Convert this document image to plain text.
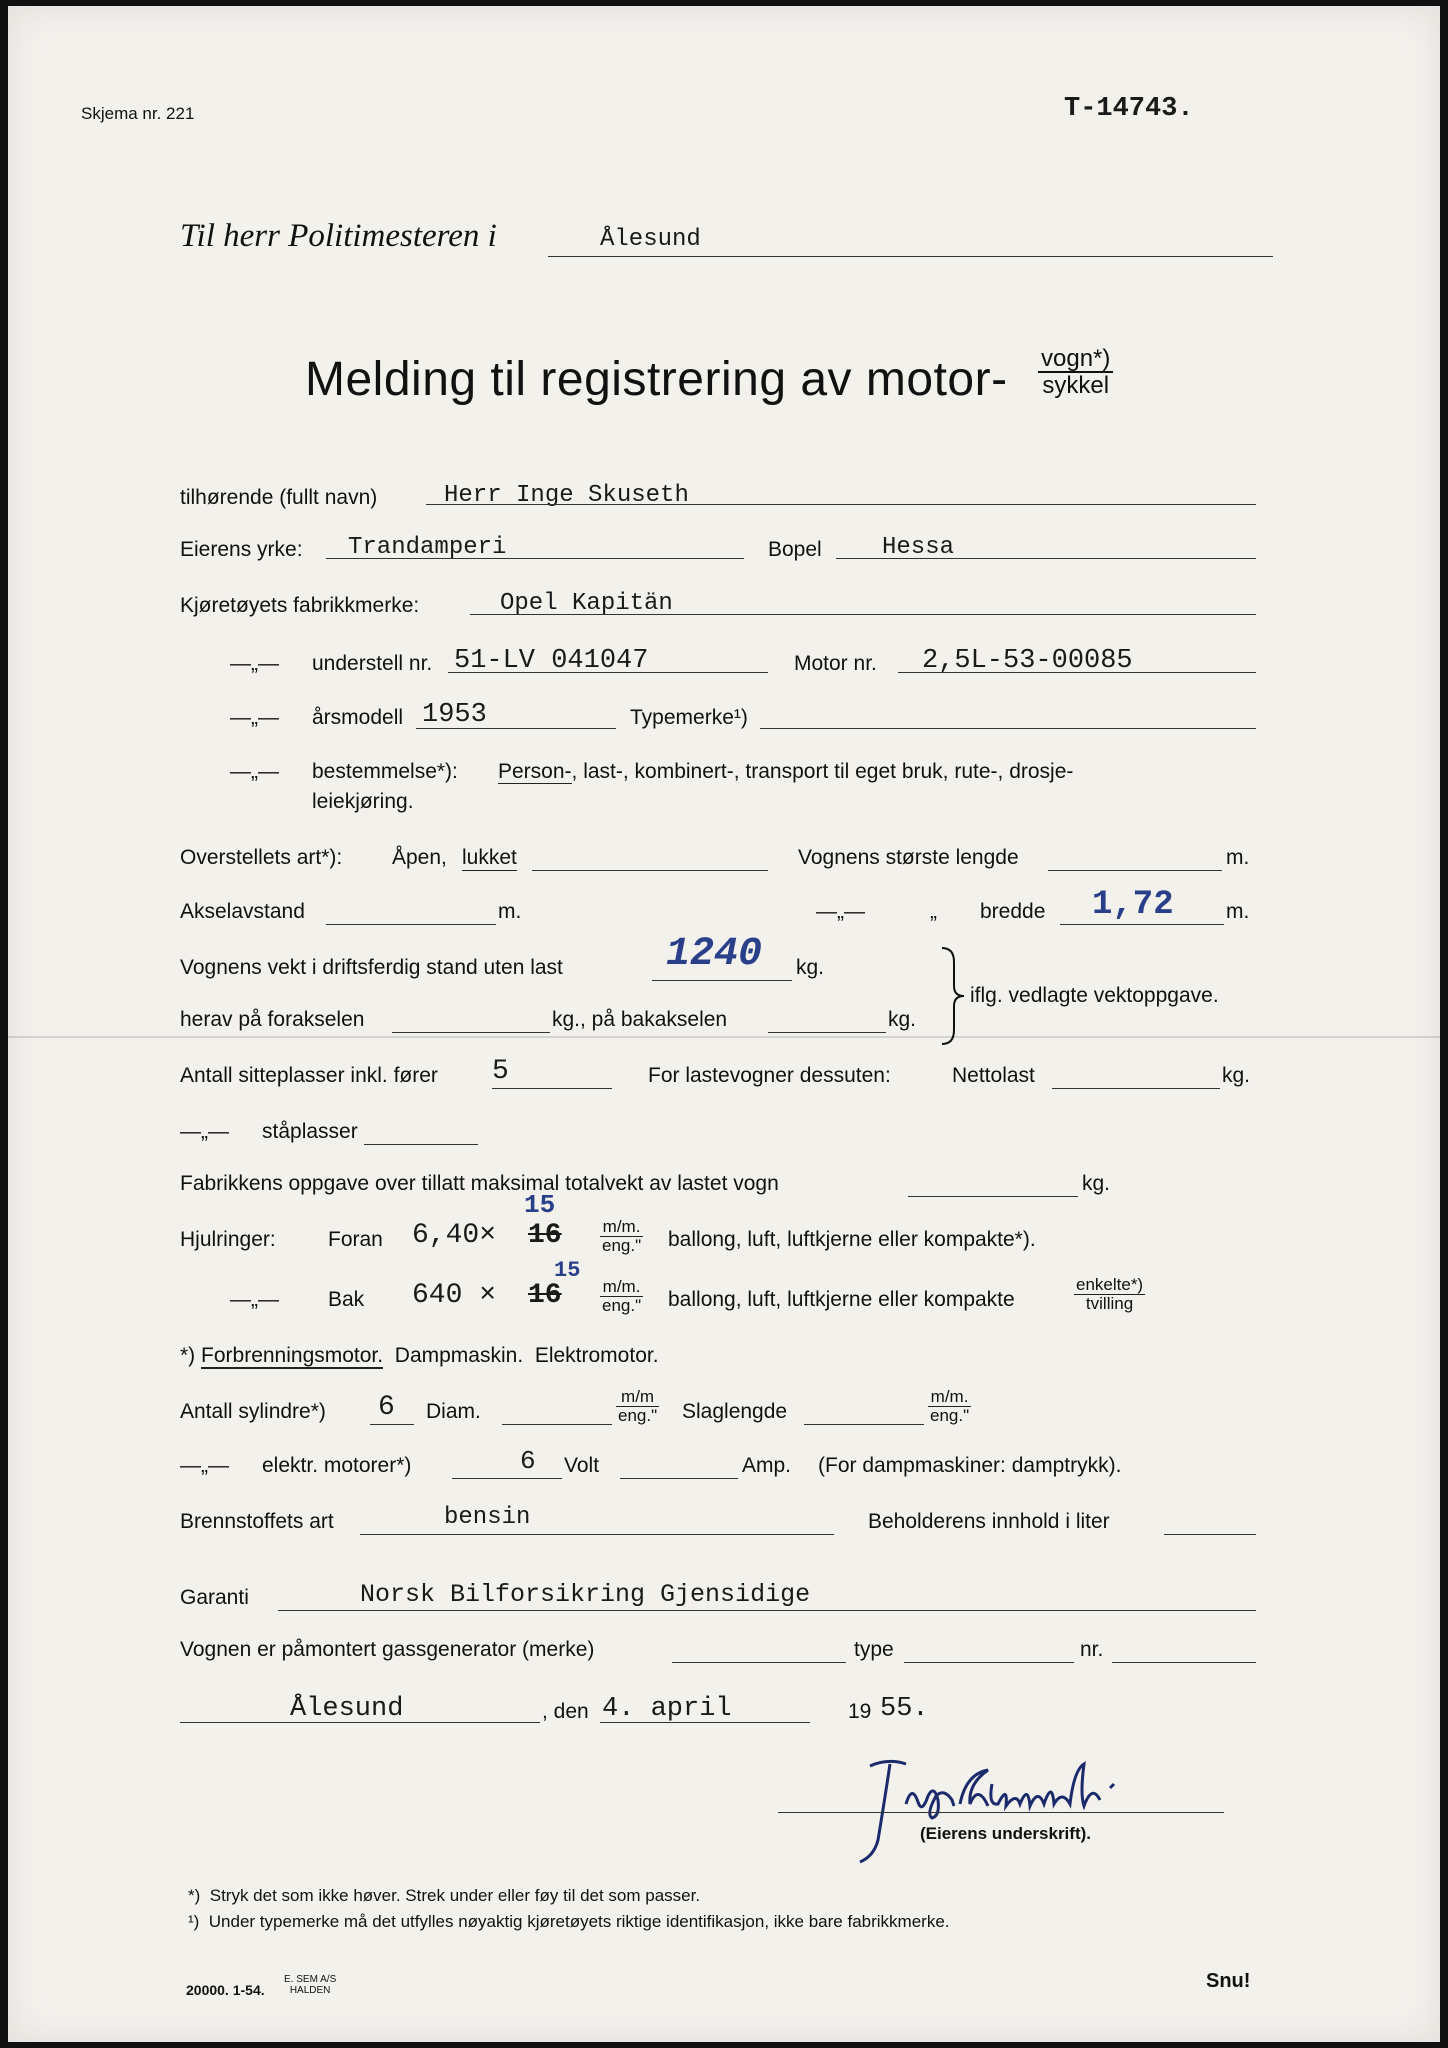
Skjema nr. 221	T-14743.
Til herr Politimesteren i	Ålesund
Melding til registrering av motor- vogn*)
sykkel
tilhørende (fullt navn)	Herr Inge Skuseth
Eierens yrke: Trandamperi	Bopel	Hessa
Kjøretøyets fabrikkmerke:	Opel Kapitän
—„— understell nr. 51-LV 041047	Motor nr. 2,5L-53-00085
—„— årsmodell 1953	Typemerke¹)
—„— bestemmelse*): Person-, last-, kombinert-, transport til eget bruk, rute-, drosje-
leiekjøring.
Overstellets art*): Åpen, lukket	Vognens største lengde	m.
Akselavstand	m.	—„—	„ bredde 1,72 m.
Vognens vekt i driftsferdig stand uten last	1240 kg.
herav på forakselen	kg., på bakakselen	kg.
iflg. vedlagte vektoppgave.
Antall sitteplasser inkl. fører 5	For lastevogner dessuten:	Nettolast	kg.
—„— ståplasser
Fabrikkens oppgave over tillatt maksimal totalvekt av lastet vogn	kg.
Hjulringer: Foran 6,40× 16
15
$\frac{m/m.}{\text{eng."}}$ ballong, luft, luftkjerne eller kompakte*).
—„— Bak 640 × 16
15
$\frac{m/m.}{\text{eng."}}$ ballong, luft, luftkjerne eller kompakte	$\frac{\text{enkelte*)}}{\text{tvilling}}$
*) Forbrenningsmotor. Dampmaskin. Elektromotor.
Antall sylindre*) 6 Diam.	$\frac{m/m}{\text{eng."}}$ Slaglengde	$\frac{m/m.}{\text{eng."}}$
—„— elektr. motorer*)	6 Volt	Amp. (For dampmaskiner: damptrykk).
Brennstoffets art	bensin	Beholderens innhold i liter
Garanti	Norsk Bilforsikring Gjensidige
Vognen er påmontert gassgenerator (merke)	type	nr.
Ålesund	, den 4. april	19 55.
(Eierens underskrift).
*) Stryk det som ikke høver. Strek under eller føy til det som passer.
¹) Under typemerke må det utfylles nøyaktig kjøretøyets riktige identifikasjon, ikke bare fabrikkmerke.
20000. 1-54.
E. SEM A/S
HALDEN	Snu!
